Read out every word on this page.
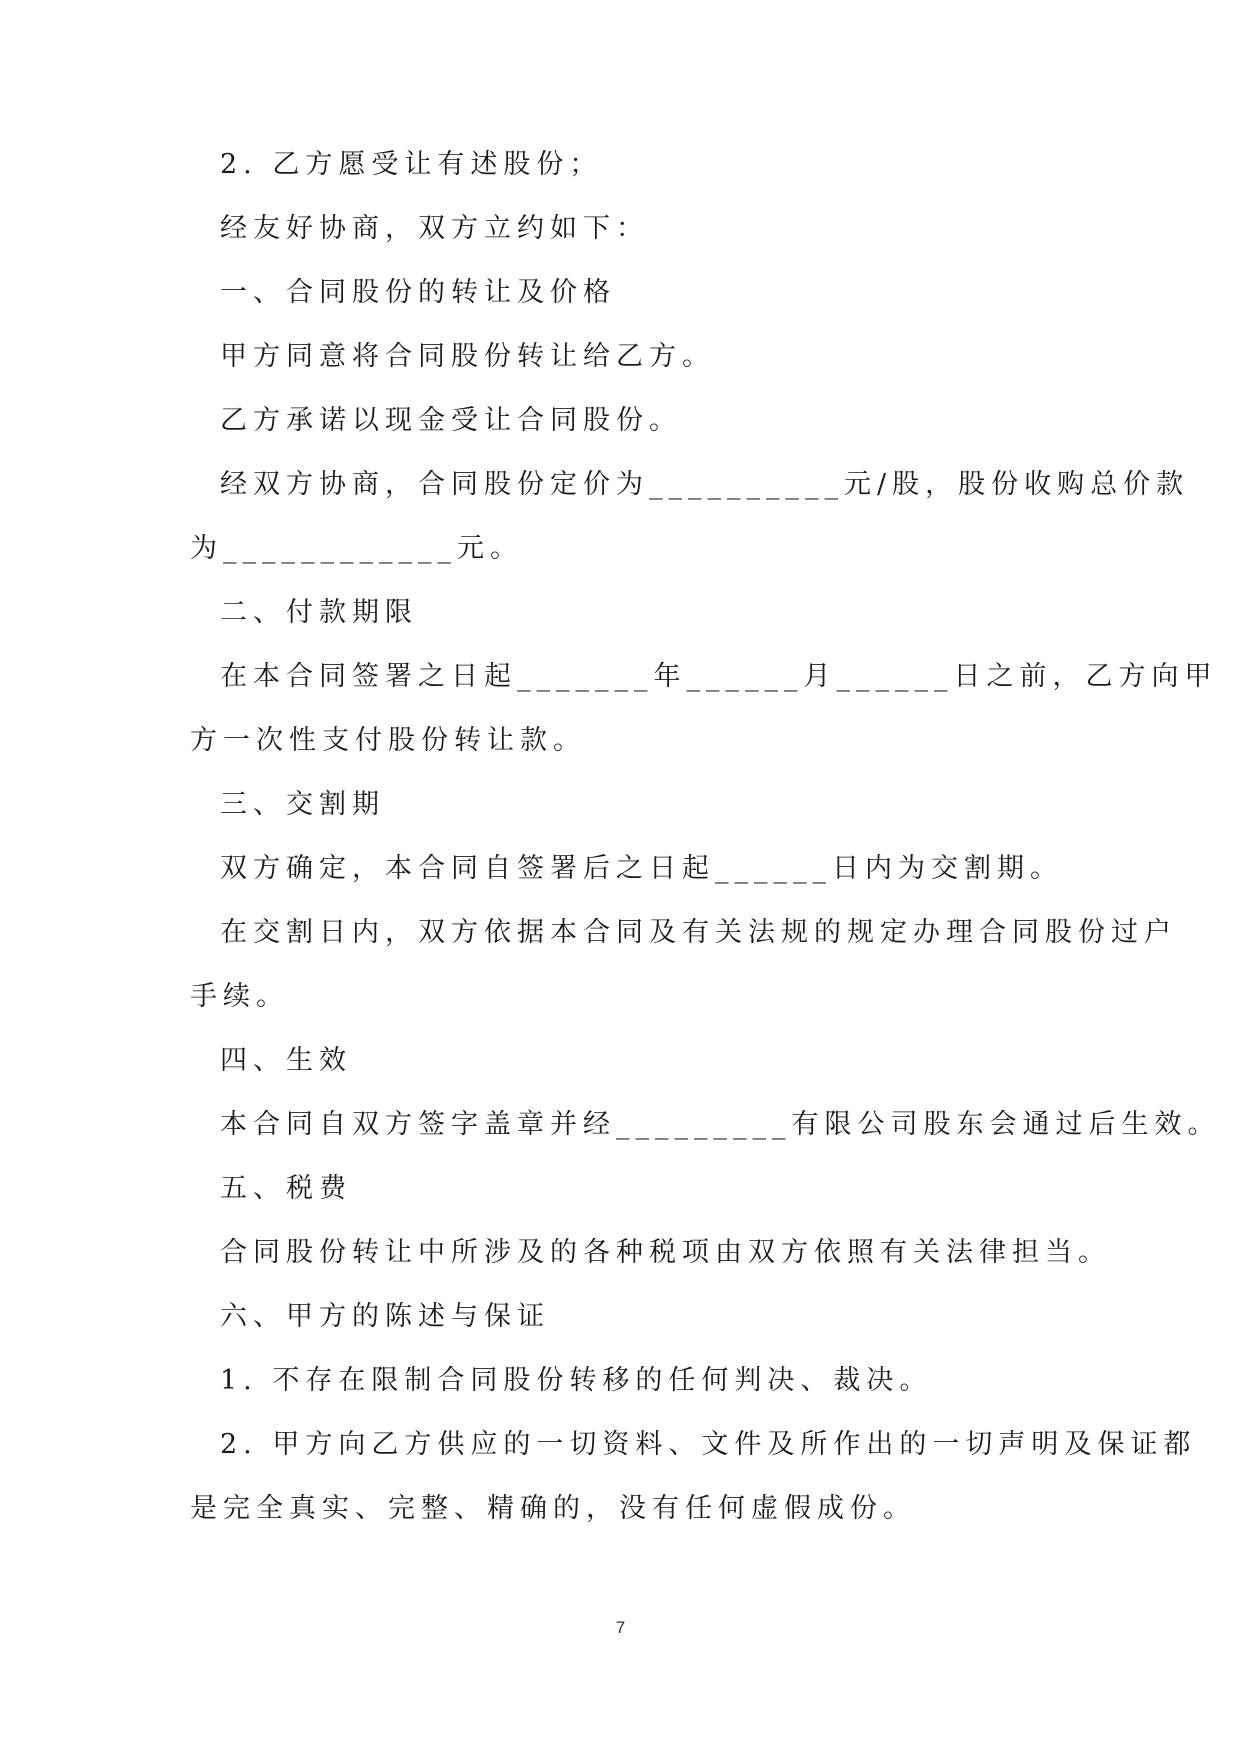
2. 乙方愿受让有述股份；
经友好协商，双方立约如下：
一、合同股份的转让及价格
甲方同意将合同股份转让给乙方。
乙方承诺以现金受让合同股份。
经双方协商，合同股份定价为__________元/股，股份收购总价款
为____________元。
二、付款期限
在本合同签署之日起_______年______月______日之前，乙方向甲
方一次性支付股份转让款。
三、交割期
双方确定，本合同自签署后之日起______日内为交割期。
在交割日内，双方依据本合同及有关法规的规定办理合同股份过户
手续。
四、生效
本合同自双方签字盖章并经_________有限公司股东会通过后生效。
五、税费
合同股份转让中所涉及的各种税项由双方依照有关法律担当。
六、甲方的陈述与保证
1. 不存在限制合同股份转移的任何判决、裁决。
2. 甲方向乙方供应的一切资料、文件及所作出的一切声明及保证都
是完全真实、完整、精确的，没有任何虚假成份。
7
